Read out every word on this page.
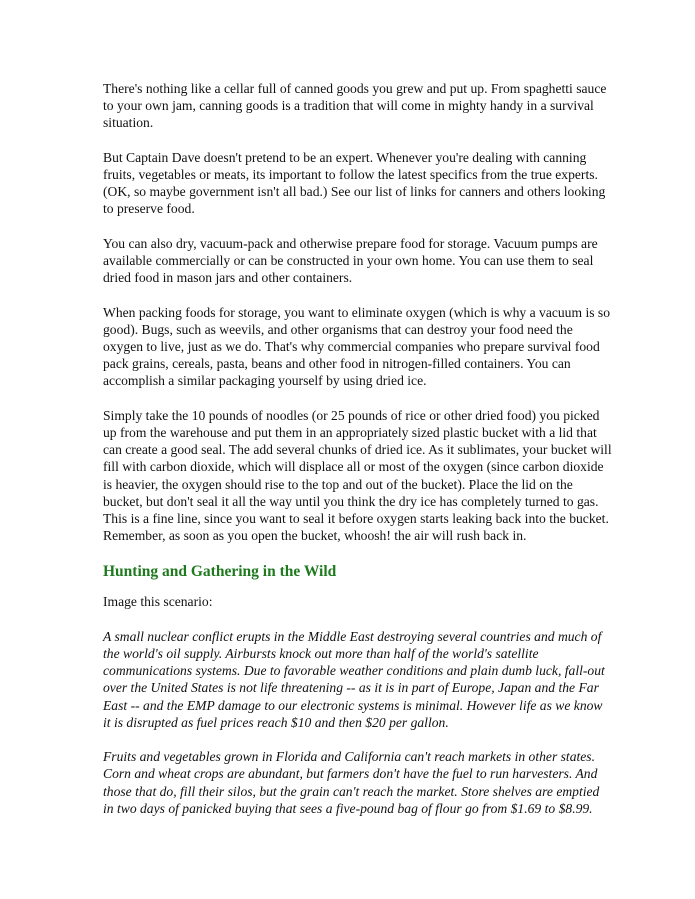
There's nothing like a cellar full of canned goods you grew and put up. From spaghetti sauce to your own jam, canning goods is a tradition that will come in mighty handy in a survival situation.

But Captain Dave doesn't pretend to be an expert. Whenever you're dealing with canning fruits, vegetables or meats, its important to follow the latest specifics from the true experts. (OK, so maybe government isn't all bad.) See our list of links for canners and others looking to preserve food.

You can also dry, vacuum-pack and otherwise prepare food for storage. Vacuum pumps are available commercially or can be constructed in your own home. You can use them to seal dried food in mason jars and other containers.

When packing foods for storage, you want to eliminate oxygen (which is why a vacuum is so good). Bugs, such as weevils, and other organisms that can destroy your food need the oxygen to live, just as we do. That's why commercial companies who prepare survival food pack grains, cereals, pasta, beans and other food in nitrogen-filled containers. You can accomplish a similar packaging yourself by using dried ice.

Simply take the 10 pounds of noodles (or 25 pounds of rice or other dried food) you picked up from the warehouse and put them in an appropriately sized plastic bucket with a lid that can create a good seal. The add several chunks of dried ice. As it sublimates, your bucket will fill with carbon dioxide, which will displace all or most of the oxygen (since carbon dioxide is heavier, the oxygen should rise to the top and out of the bucket). Place the lid on the bucket, but don't seal it all the way until you think the dry ice has completely turned to gas. This is a fine line, since you want to seal it before oxygen starts leaking back into the bucket. Remember, as soon as you open the bucket, whoosh! the air will rush back in.

Hunting and Gathering in the Wild

Image this scenario:

A small nuclear conflict erupts in the Middle East destroying several countries and much of the world's oil supply. Airbursts knock out more than half of the world's satellite communications systems. Due to favorable weather conditions and plain dumb luck, fall-out over the United States is not life threatening -- as it is in part of Europe, Japan and the Far East -- and the EMP damage to our electronic systems is minimal. However life as we know it is disrupted as fuel prices reach $10 and then $20 per gallon.

Fruits and vegetables grown in Florida and California can't reach markets in other states. Corn and wheat crops are abundant, but farmers don't have the fuel to run harvesters. And those that do, fill their silos, but the grain can't reach the market. Store shelves are emptied in two days of panicked buying that sees a five-pound bag of flour go from $1.69 to $8.99.
